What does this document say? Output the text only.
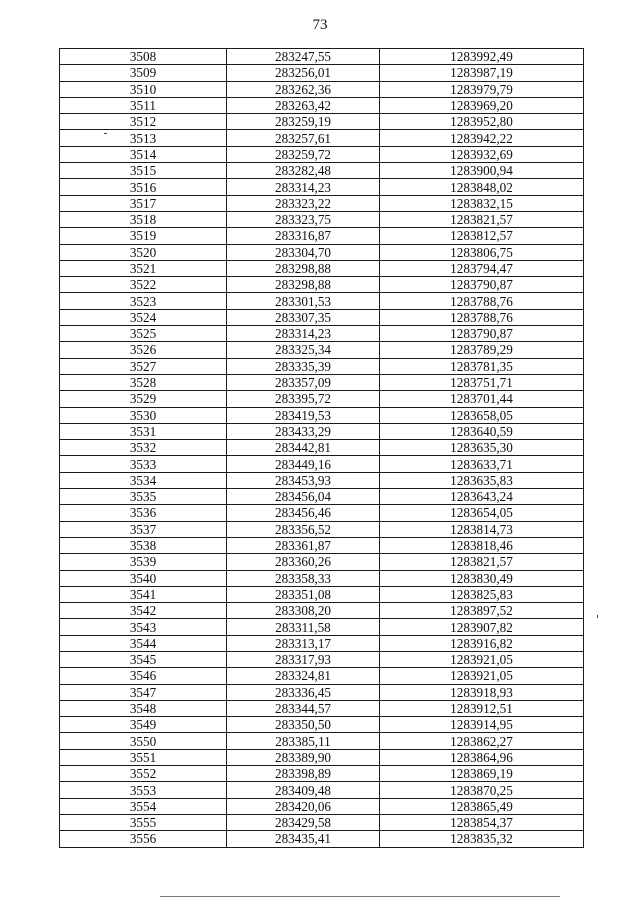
73
3508	283247,55	1283992,49
3509	283256,01	1283987,19
3510	283262,36	1283979,79
3511	283263,42	1283969,20
3512	283259,19	1283952,80
3513	283257,61	1283942,22
3514	283259,72	1283932,69
3515	283282,48	1283900,94
3516	283314,23	1283848,02
3517	283323,22	1283832,15
3518	283323,75	1283821,57
3519	283316,87	1283812,57
3520	283304,70	1283806,75
3521	283298,88	1283794,47
3522	283298,88	1283790,87
3523	283301,53	1283788,76
3524	283307,35	1283788,76
3525	283314,23	1283790,87
3526	283325,34	1283789,29
3527	283335,39	1283781,35
3528	283357,09	1283751,71
3529	283395,72	1283701,44
3530	283419,53	1283658,05
3531	283433,29	1283640,59
3532	283442,81	1283635,30
3533	283449,16	1283633,71
3534	283453,93	1283635,83
3535	283456,04	1283643,24
3536	283456,46	1283654,05
3537	283356,52	1283814,73
3538	283361,87	1283818,46
3539	283360,26	1283821,57
3540	283358,33	1283830,49
3541	283351,08	1283825,83
3542	283308,20	1283897,52
3543	283311,58	1283907,82
3544	283313,17	1283916,82
3545	283317,93	1283921,05
3546	283324,81	1283921,05
3547	283336,45	1283918,93
3548	283344,57	1283912,51
3549	283350,50	1283914,95
3550	283385,11	1283862,27
3551	283389,90	1283864,96
3552	283398,89	1283869,19
3553	283409,48	1283870,25
3554	283420,06	1283865,49
3555	283429,58	1283854,37
3556	283435,41	1283835,32
